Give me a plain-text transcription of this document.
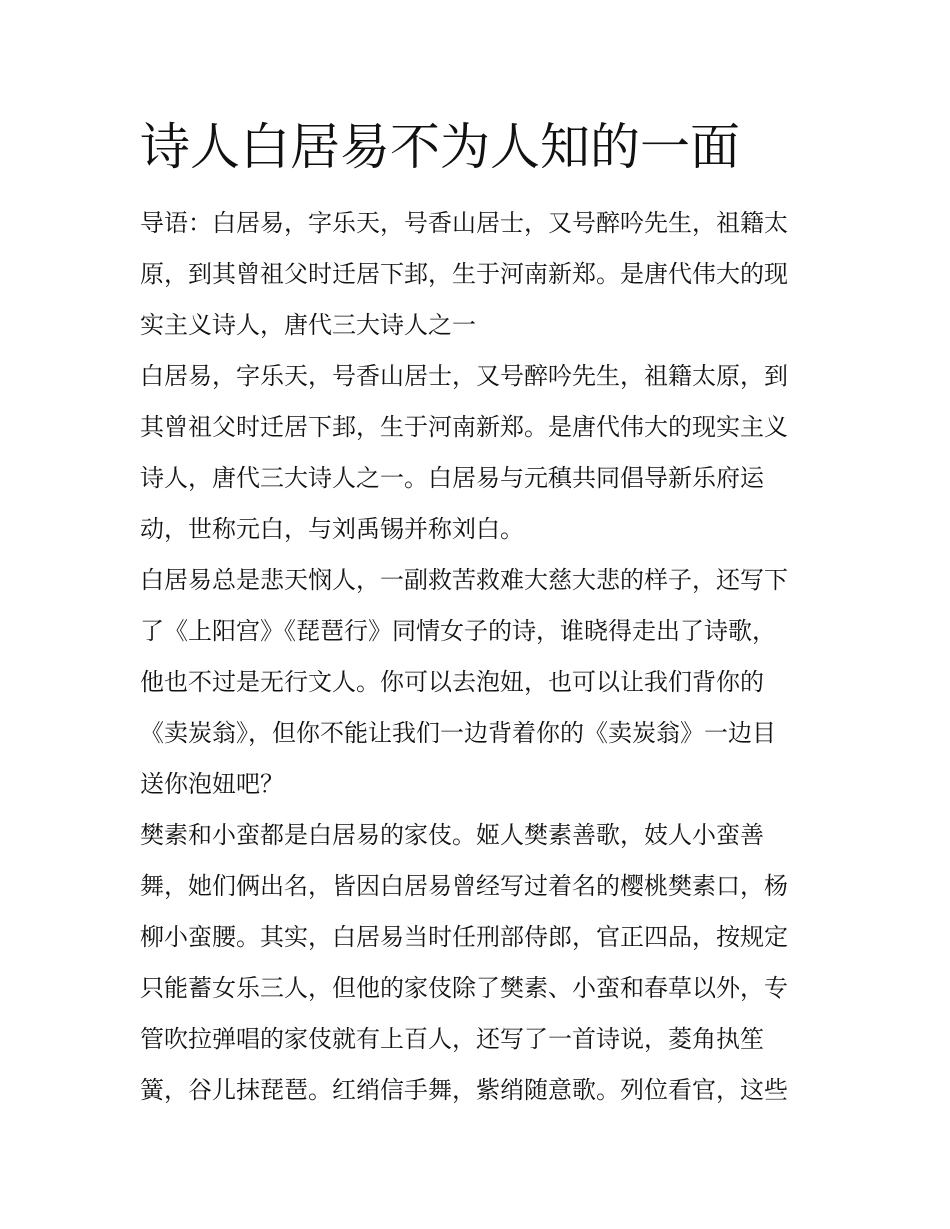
诗人白居易不为人知的一面

导语：白居易，字乐天，号香山居士，又号醉吟先生，祖籍太
原，到其曾祖父时迁居下邽，生于河南新郑。是唐代伟大的现
实主义诗人，唐代三大诗人之一

白居易，字乐天，号香山居士，又号醉吟先生，祖籍太原，到
其曾祖父时迁居下邽，生于河南新郑。是唐代伟大的现实主义
诗人，唐代三大诗人之一。白居易与元稹共同倡导新乐府运
动，世称元白，与刘禹锡并称刘白。

白居易总是悲天悯人，一副救苦救难大慈大悲的样子，还写下
了《上阳宫》《琵琶行》同情女子的诗，谁晓得走出了诗歌，
他也不过是无行文人。你可以去泡妞，也可以让我们背你的
《卖炭翁》，但你不能让我们一边背着你的《卖炭翁》一边目
送你泡妞吧？

樊素和小蛮都是白居易的家伎。姬人樊素善歌，妓人小蛮善
舞，她们俩出名，皆因白居易曾经写过着名的樱桃樊素口，杨
柳小蛮腰。其实，白居易当时任刑部侍郎，官正四品，按规定
只能蓄女乐三人，但他的家伎除了樊素、小蛮和春草以外，专
管吹拉弹唱的家伎就有上百人，还写了一首诗说，菱角执笙
簧，谷儿抹琵琶。红绡信手舞，紫绡随意歌。列位看官，这些
